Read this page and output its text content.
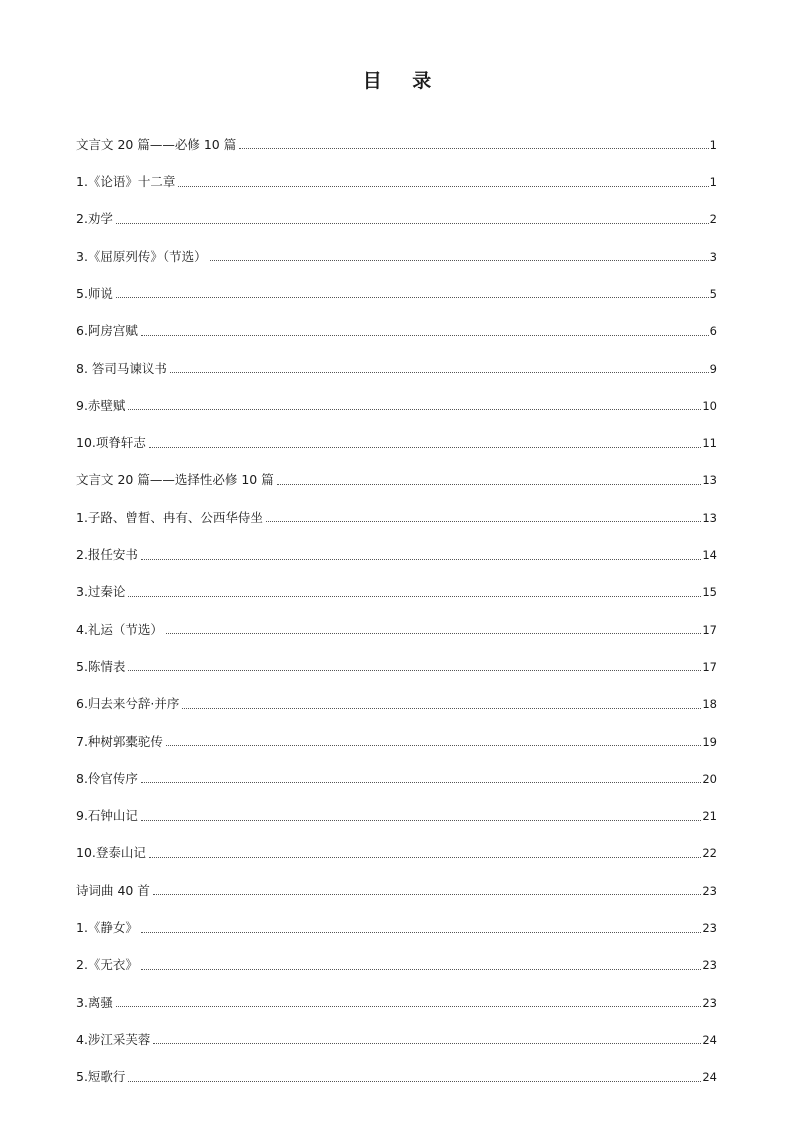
目 录
文言文 20 篇——必修 10 篇	1
1.《论语》十二章	1
2.劝学	2
3.《屈原列传》（节选）	3
5.师说	5
6.阿房宫赋	6
8. 答司马谏议书	9
9.赤壁赋	10
10.项脊轩志	11
文言文 20 篇——选择性必修 10 篇	13
1.子路、曾皙、冉有、公西华侍坐	13
2.报任安书	14
3.过秦论	15
4.礼运（节选）	17
5.陈情表	17
6.归去来兮辞·并序	18
7.种树郭橐驼传	19
8.伶官传序	20
9.石钟山记	21
10.登泰山记	22
诗词曲 40 首	23
1.《静女》	23
2.《无衣》	23
3.离骚	23
4.涉江采芙蓉	24
5.短歌行	24
